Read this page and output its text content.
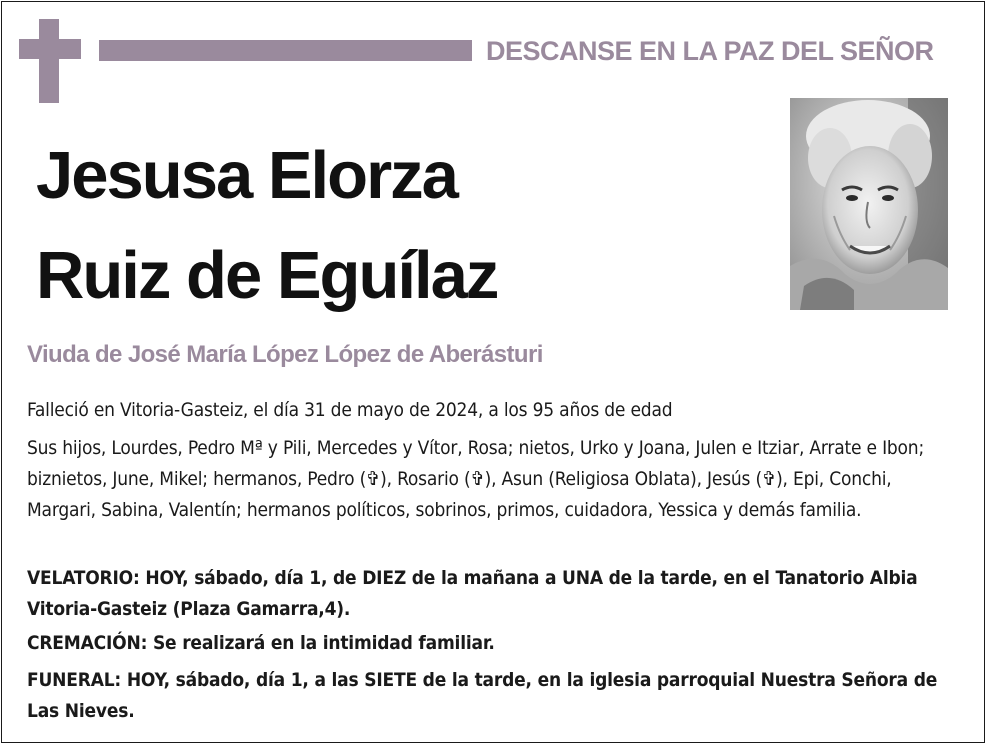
DESCANSE EN LA PAZ DEL SEÑOR
Jesusa Elorza
Ruiz de Eguílaz
Viuda de José María López López de Aberásturi

Falleció en Vitoria-Gasteiz, el día 31 de mayo de 2024, a los 95 años de edad

Sus hijos, Lourdes, Pedro Mª y Pili, Mercedes y Vítor, Rosa; nietos, Urko y Joana, Julen e Itziar, Arrate e Ibon; biznietos, June, Mikel; hermanos, Pedro (✞), Rosario (✞), Asun (Religiosa Oblata), Jesús (✞), Epi, Conchi, Margari, Sabina, Valentín; hermanos políticos, sobrinos, primos, cuidadora, Yessica y demás familia.

VELATORIO: HOY, sábado, día 1, de DIEZ de la mañana a UNA de la tarde, en el Tanatorio Albia Vitoria-Gasteiz (Plaza Gamarra,4).

CREMACIÓN: Se realizará en la intimidad familiar.

FUNERAL: HOY, sábado, día 1, a las SIETE de la tarde, en la iglesia parroquial Nuestra Señora de Las Nieves.
